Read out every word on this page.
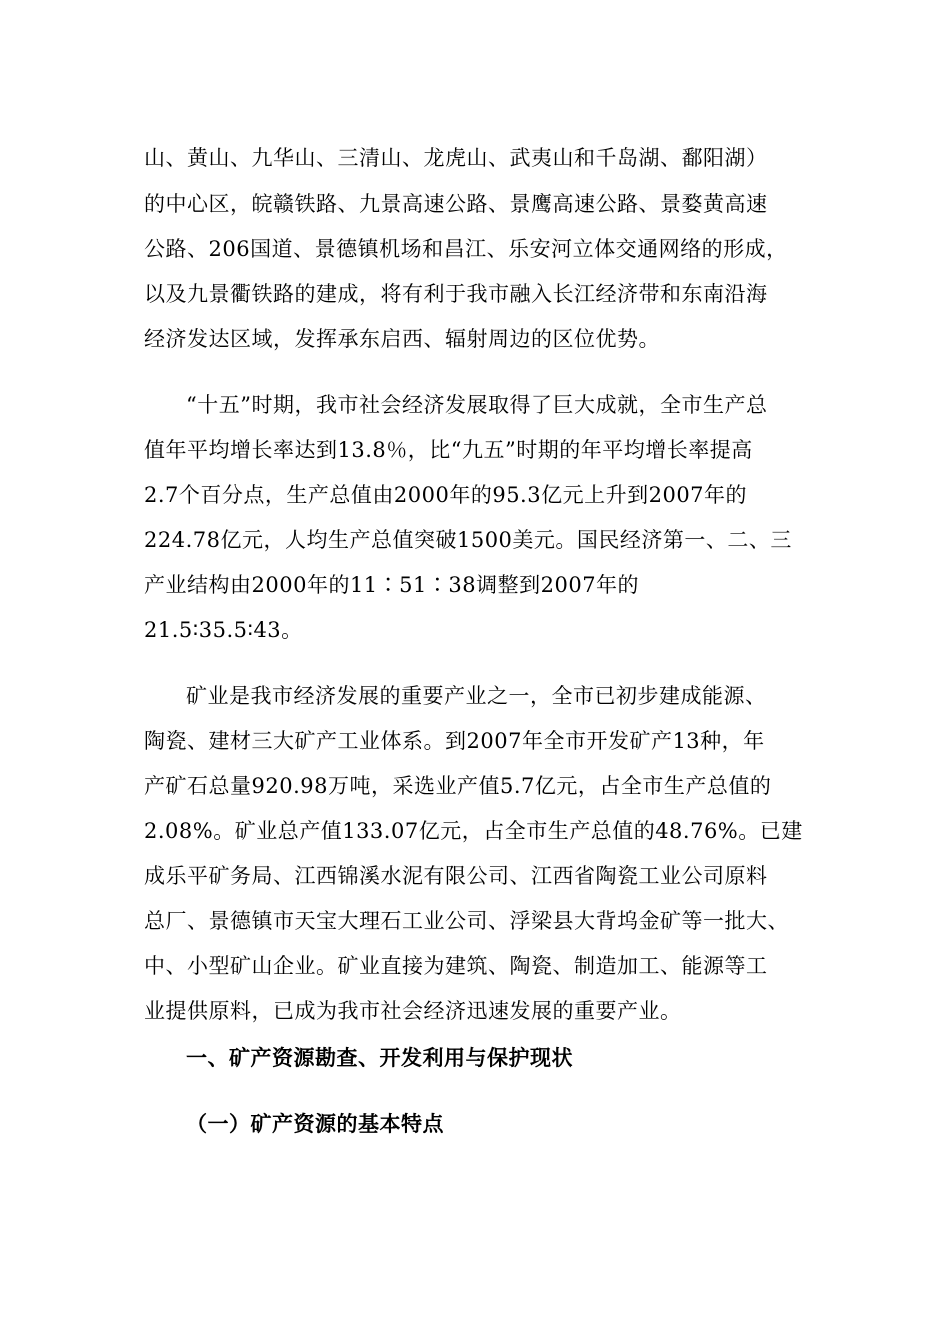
山、黄山、九华山、三清山、龙虎山、武夷山和千岛湖、鄱阳湖）
的中心区，皖赣铁路、九景高速公路、景鹰高速公路、景婺黄高速
公路、206国道、景德镇机场和昌江、乐安河立体交通网络的形成，
以及九景衢铁路的建成，将有利于我市融入长江经济带和东南沿海
经济发达区域，发挥承东启西、辐射周边的区位优势。
“十五”时期，我市社会经济发展取得了巨大成就，全市生产总
值年平均增长率达到13.8％，比“九五”时期的年平均增长率提高
2.7个百分点，生产总值由2000年的95.3亿元上升到2007年的
224.78亿元，人均生产总值突破1500美元。国民经济第一、二、三
产业结构由2000年的11∶51∶38调整到2007年的
21.5∶35.5∶43。
矿业是我市经济发展的重要产业之一，全市已初步建成能源、
陶瓷、建材三大矿产工业体系。到2007年全市开发矿产13种，年
产矿石总量920.98万吨，采选业产值5.7亿元，占全市生产总值的
2.08%。矿业总产值133.07亿元，占全市生产总值的48.76%。已建
成乐平矿务局、江西锦溪水泥有限公司、江西省陶瓷工业公司原料
总厂、景德镇市天宝大理石工业公司、浮梁县大背坞金矿等一批大、
中、小型矿山企业。矿业直接为建筑、陶瓷、制造加工、能源等工
业提供原料，已成为我市社会经济迅速发展的重要产业。
一、矿产资源勘查、开发利用与保护现状
（一）矿产资源的基本特点
